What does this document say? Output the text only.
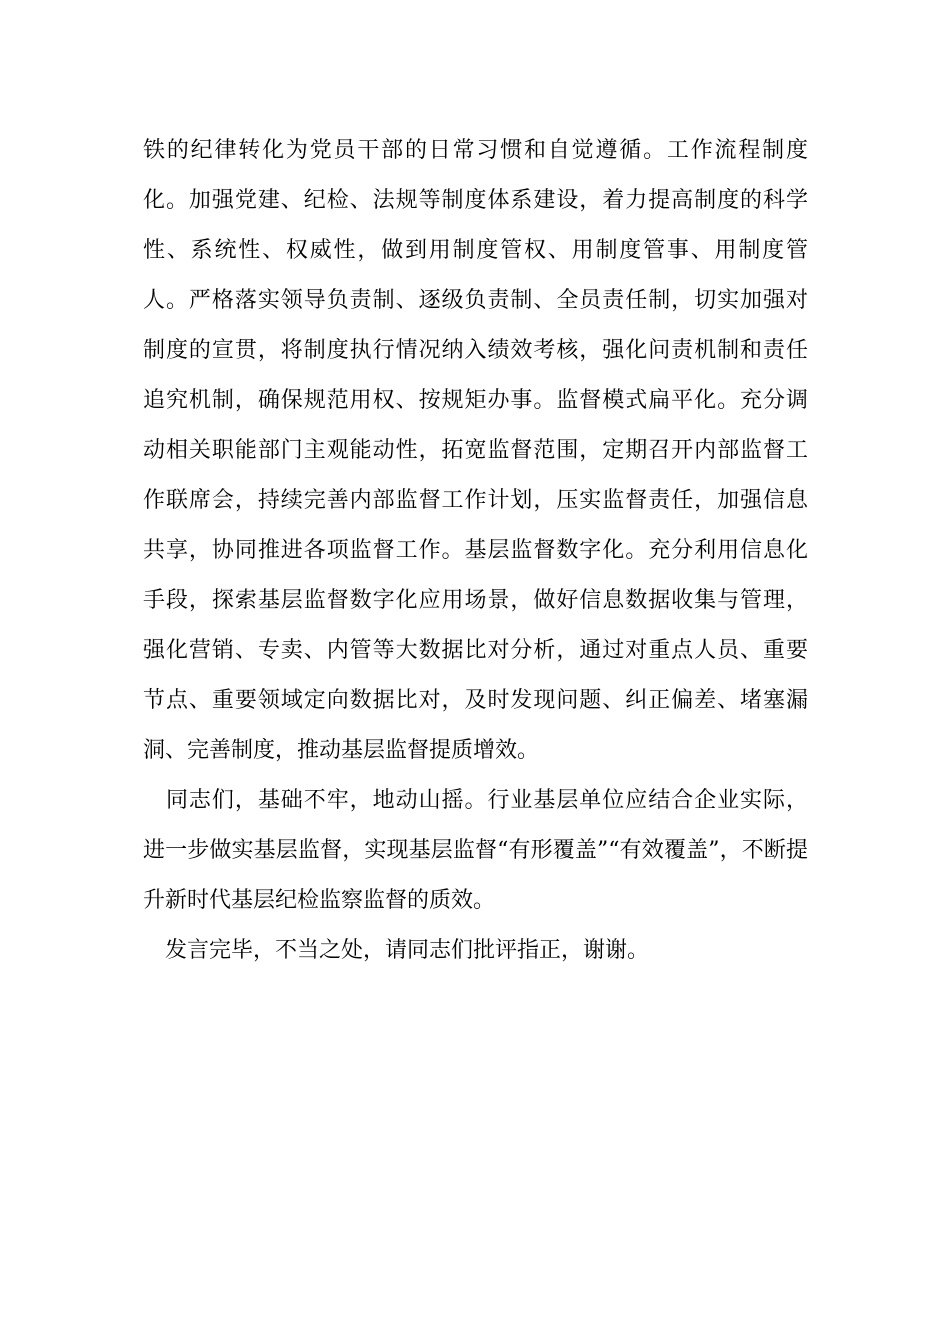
铁的纪律转化为党员干部的日常习惯和自觉遵循。工作流程制度
化。加强党建、纪检、法规等制度体系建设，着力提高制度的科学
性、系统性、权威性，做到用制度管权、用制度管事、用制度管
人。严格落实领导负责制、逐级负责制、全员责任制，切实加强对
制度的宣贯，将制度执行情况纳入绩效考核，强化问责机制和责任
追究机制，确保规范用权、按规矩办事。监督模式扁平化。充分调
动相关职能部门主观能动性，拓宽监督范围，定期召开内部监督工
作联席会，持续完善内部监督工作计划，压实监督责任，加强信息
共享，协同推进各项监督工作。基层监督数字化。充分利用信息化
手段，探索基层监督数字化应用场景，做好信息数据收集与管理，
强化营销、专卖、内管等大数据比对分析，通过对重点人员、重要
节点、重要领域定向数据比对，及时发现问题、纠正偏差、堵塞漏
洞、完善制度，推动基层监督提质增效。
　同志们，基础不牢，地动山摇。行业基层单位应结合企业实际，
进一步做实基层监督，实现基层监督“有形覆盖”“有效覆盖”，不断提
升新时代基层纪检监察监督的质效。
　发言完毕，不当之处，请同志们批评指正，谢谢。
